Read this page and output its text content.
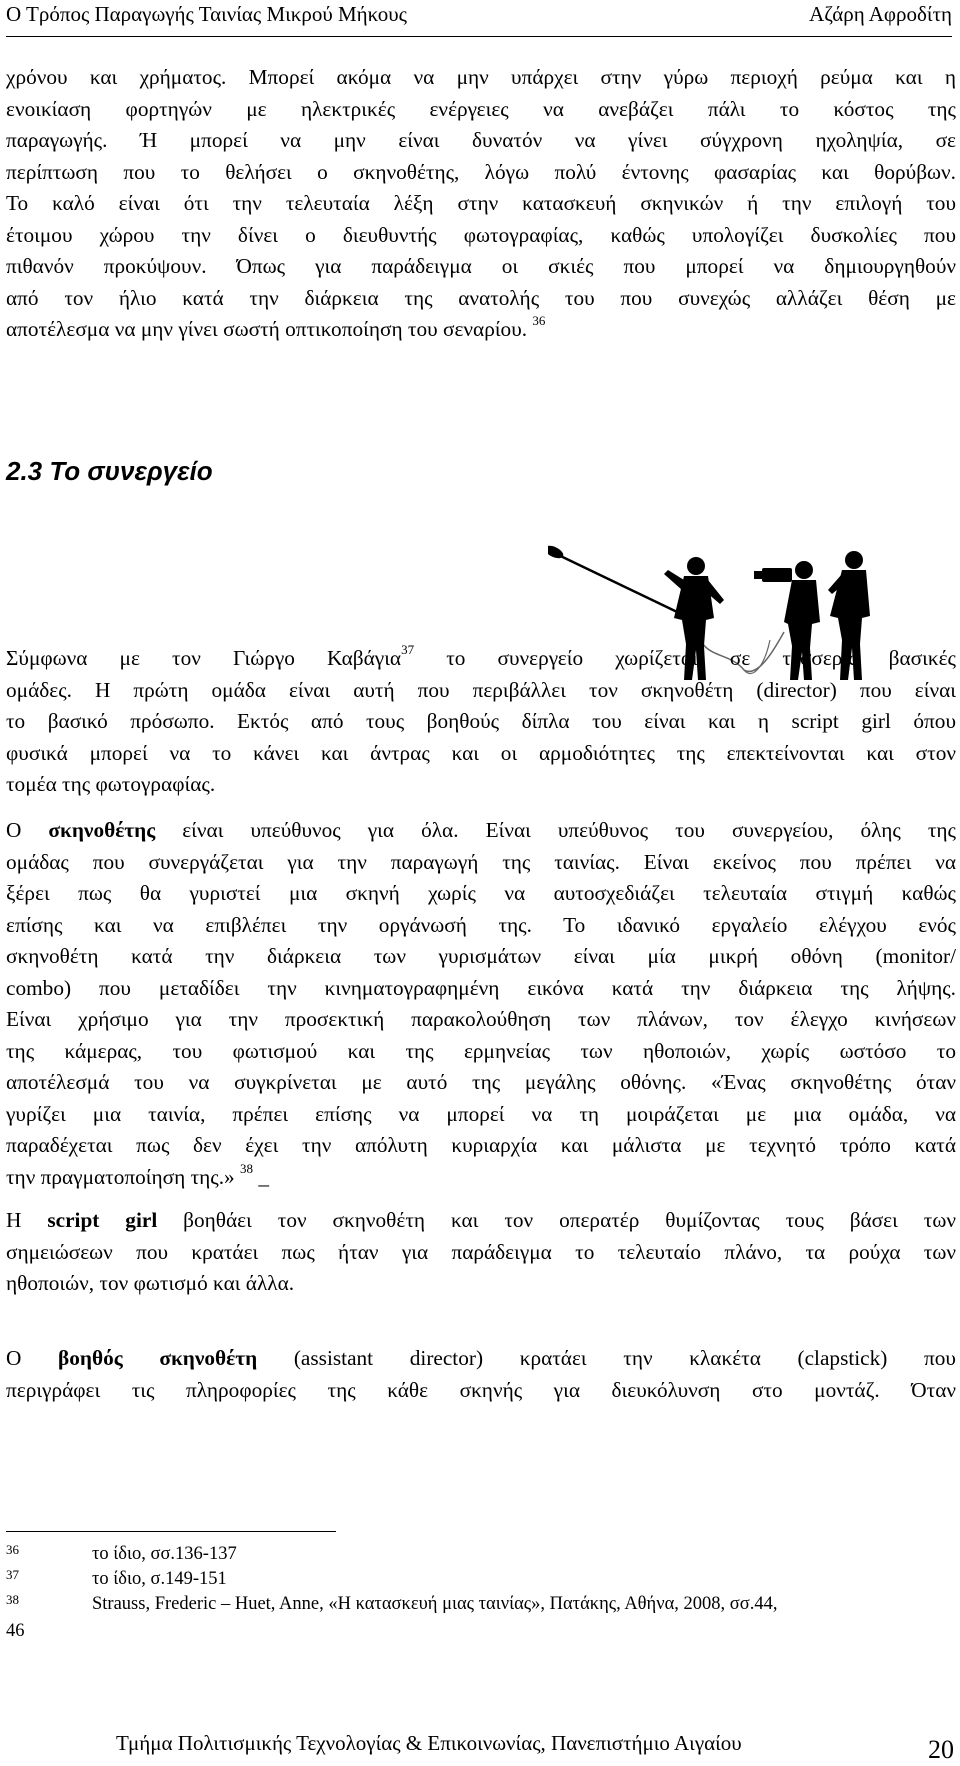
Ο Τρόπος Παραγωγής Ταινίας Μικρού Μήκους	Αζάρη Αφροδίτη
χρόνου και χρήματος. Μπορεί ακόμα να μην υπάρχει στην γύρω περιοχή ρεύμα και η
ενοικίαση φορτηγών με ηλεκτρικές ενέργειες να ανεβάζει πάλι το κόστος της
παραγωγής. Ή μπορεί να μην είναι δυνατόν να γίνει σύγχρονη ηχοληψία, σε
περίπτωση που το θελήσει ο σκηνοθέτης, λόγω πολύ έντονης φασαρίας και θορύβων.
Το καλό είναι ότι την τελευταία λέξη στην κατασκευή σκηνικών ή την επιλογή του
έτοιμου χώρου την δίνει ο διευθυντής φωτογραφίας, καθώς υπολογίζει δυσκολίες που
πιθανόν προκύψουν. Όπως για παράδειγμα οι σκιές που μπορεί να δημιουργηθούν
από τον ήλιο κατά την διάρκεια της ανατολής του που συνεχώς αλλάζει θέση με
αποτέλεσμα να μην γίνει σωστή οπτικοποίηση του σεναρίου. $^{36}$
2.3 Το συνεργείο
Σύμφωνα με τον Γιώργο Καβάγια$^{37}$ το συνεργείο χωρίζεται σε τέσσερις βασικές
ομάδες. Η πρώτη ομάδα είναι αυτή που περιβάλλει τον σκηνοθέτη (director) που είναι
το βασικό πρόσωπο. Εκτός από τους βοηθούς δίπλα του είναι και η script girl όπου
φυσικά μπορεί να το κάνει και άντρας και οι αρμοδιότητες της επεκτείνονται και στον
τομέα της φωτογραφίας.
Ο σκηνοθέτης είναι υπεύθυνος για όλα. Είναι υπεύθυνος του συνεργείου, όλης της
ομάδας που συνεργάζεται για την παραγωγή της ταινίας. Είναι εκείνος που πρέπει να
ξέρει πως θα γυριστεί μια σκηνή χωρίς να αυτοσχεδιάζει τελευταία στιγμή καθώς
επίσης και να επιβλέπει την οργάνωσή της. Το ιδανικό εργαλείο ελέγχου ενός
σκηνοθέτη κατά την διάρκεια των γυρισμάτων είναι μία μικρή οθόνη (monitor/
combo) που μεταδίδει την κινηματογραφημένη εικόνα κατά την διάρκεια της λήψης.
Είναι χρήσιμο για την προσεκτική παρακολούθηση των πλάνων, τον έλεγχο κινήσεων
της κάμερας, του φωτισμού και της ερμηνείας των ηθοποιών, χωρίς ωστόσο το
αποτέλεσμά του να συγκρίνεται με αυτό της μεγάλης οθόνης. «Ένας σκηνοθέτης όταν
γυρίζει μια ταινία, πρέπει επίσης να μπορεί να τη μοιράζεται με μια ομάδα, να
παραδέχεται πως δεν έχει την απόλυτη κυριαρχία και μάλιστα με τεχνητό τρόπο κατά
την πραγματοποίηση της.» $^{38}$ _
Η script girl βοηθάει τον σκηνοθέτη και τον οπερατέρ θυμίζοντας τους βάσει των
σημειώσεων που κρατάει πως ήταν για παράδειγμα το τελευταίο πλάνο, τα ρούχα των
ηθοποιών, τον φωτισμό και άλλα.
Ο βοηθός σκηνοθέτη (assistant director) κρατάει την κλακέτα (clapstick) που
περιγράφει τις πληροφορίες της κάθε σκηνής για διευκόλυνση στο μοντάζ. Όταν
36	το ίδιο, σσ.136-137
37	το ίδιο, σ.149-151
38	Strauss, Frederic – Huet, Anne, «Η κατασκευή μιας ταινίας», Πατάκης, Αθήνα, 2008, σσ.44,
46
Τμήμα Πολιτισμικής Τεχνολογίας & Επικοινωνίας, Πανεπιστήμιο Αιγαίου	20
